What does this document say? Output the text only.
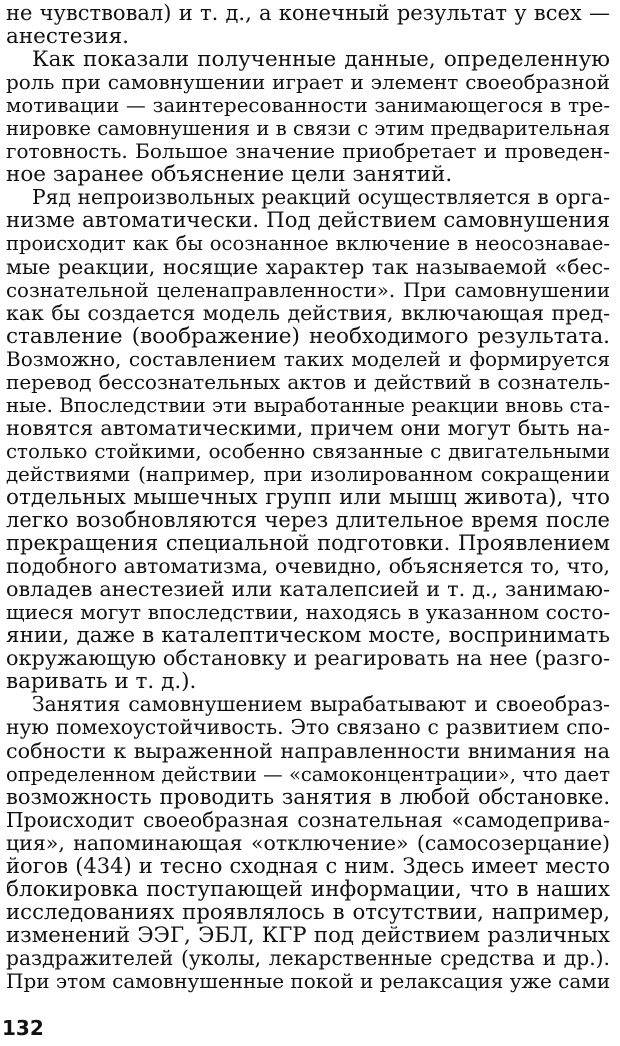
не чувствовал) и т. д., а конечный результат у всех —
анестезия.
Как показали полученные данные, определенную
роль при самовнушении играет и элемент своеобразной
мотивации — заинтересованности занимающегося в тре-
нировке самовнушения и в связи с этим предварительная
готовность. Большое значение приобретает и проведен-
ное заранее объяснение цели занятий.
Ряд непроизвольных реакций осуществляется в орга-
низме автоматически. Под действием самовнушения
происходит как бы осознанное включение в неосознавае-
мые реакции, носящие характер так называемой «бес-
сознательной целенаправленности». При самовнушении
как бы создается модель действия, включающая пред-
ставление (воображение) необходимого результата.
Возможно, составлением таких моделей и формируется
перевод бессознательных актов и действий в сознатель-
ные. Впоследствии эти выработанные реакции вновь ста-
новятся автоматическими, причем они могут быть на-
столько стойкими, особенно связанные с двигательными
действиями (например, при изолированном сокращении
отдельных мышечных групп или мышц живота), что
легко возобновляются через длительное время после
прекращения специальной подготовки. Проявлением
подобного автоматизма, очевидно, объясняется то, что,
овладев анестезией или каталепсией и т. д., занимаю-
щиеся могут впоследствии, находясь в указанном состо-
янии, даже в каталептическом мосте, воспринимать
окружающую обстановку и реагировать на нее (разго-
варивать и т. д.).
Занятия самовнушением вырабатывают и своеобраз-
ную помехоустойчивость. Это связано с развитием спо-
собности к выраженной направленности внимания на
определенном действии — «самоконцентрации», что дает
возможность проводить занятия в любой обстановке.
Происходит своеобразная сознательная «самодеприва-
ция», напоминающая «отключение» (самосозерцание)
йогов (434) и тесно сходная с ним. Здесь имеет место
блокировка поступающей информации, что в наших
исследованиях проявлялось в отсутствии, например,
изменений ЭЭГ, ЭБЛ, КГР под действием различных
раздражителей (уколы, лекарственные средства и др.).
При этом самовнушенные покой и релаксация уже сами
132
